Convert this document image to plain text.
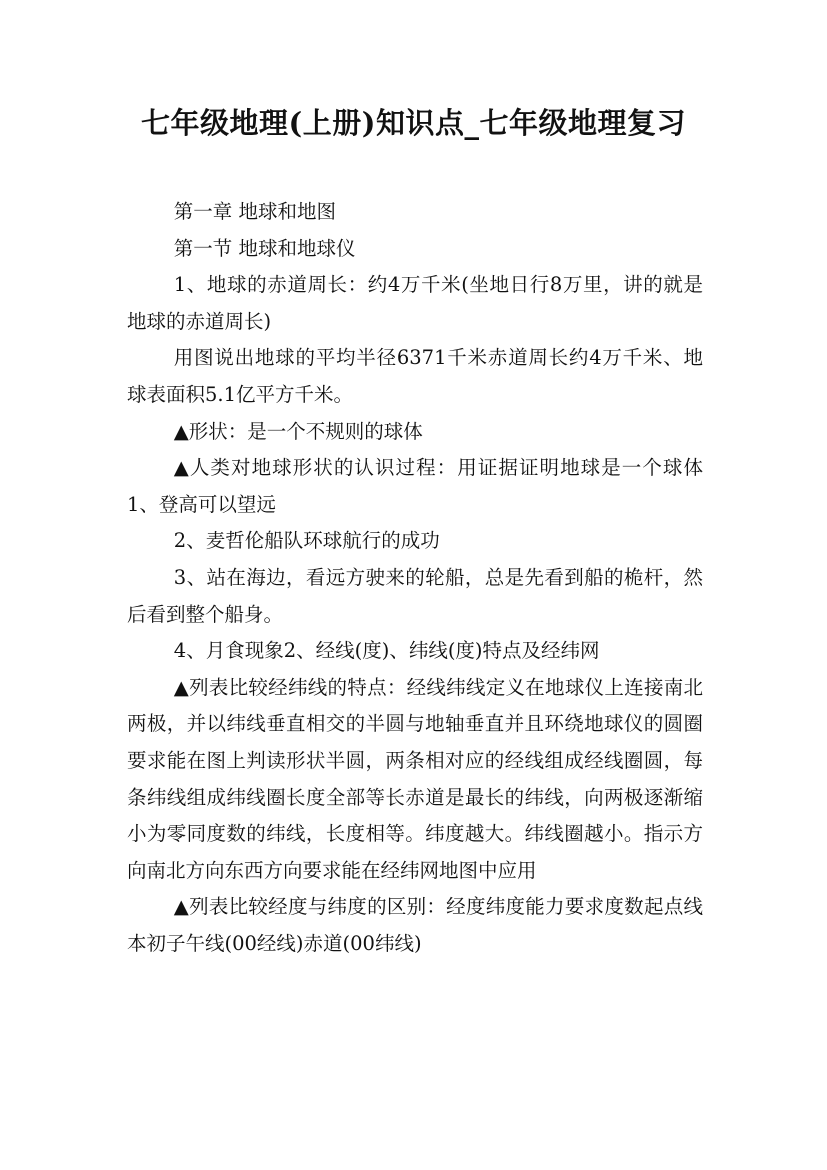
七年级地理(上册)知识点_七年级地理复习

第一章 地球和地图

第一节 地球和地球仪

1、地球的赤道周长：约4万千米(坐地日行8万里，讲的就是地球的赤道周长)

用图说出地球的平均半径6371千米赤道周长约4万千米、地球表面积5.1亿平方千米。

▲形状：是一个不规则的球体

▲人类对地球形状的认识过程：用证据证明地球是一个球体1、登高可以望远

2、麦哲伦船队环球航行的成功

3、站在海边，看远方驶来的轮船，总是先看到船的桅杆，然后看到整个船身。

4、月食现象2、经线(度)、纬线(度)特点及经纬网

▲列表比较经纬线的特点：经线纬线定义在地球仪上连接南北两极，并以纬线垂直相交的半圆与地轴垂直并且环绕地球仪的圆圈要求能在图上判读形状半圆，两条相对应的经线组成经线圈圆，每条纬线组成纬线圈长度全部等长赤道是最长的纬线，向两极逐渐缩小为零同度数的纬线，长度相等。纬度越大。纬线圈越小。指示方向南北方向东西方向要求能在经纬网地图中应用

▲列表比较经度与纬度的区别：经度纬度能力要求度数起点线本初子午线(00经线)赤道(00纬线)
